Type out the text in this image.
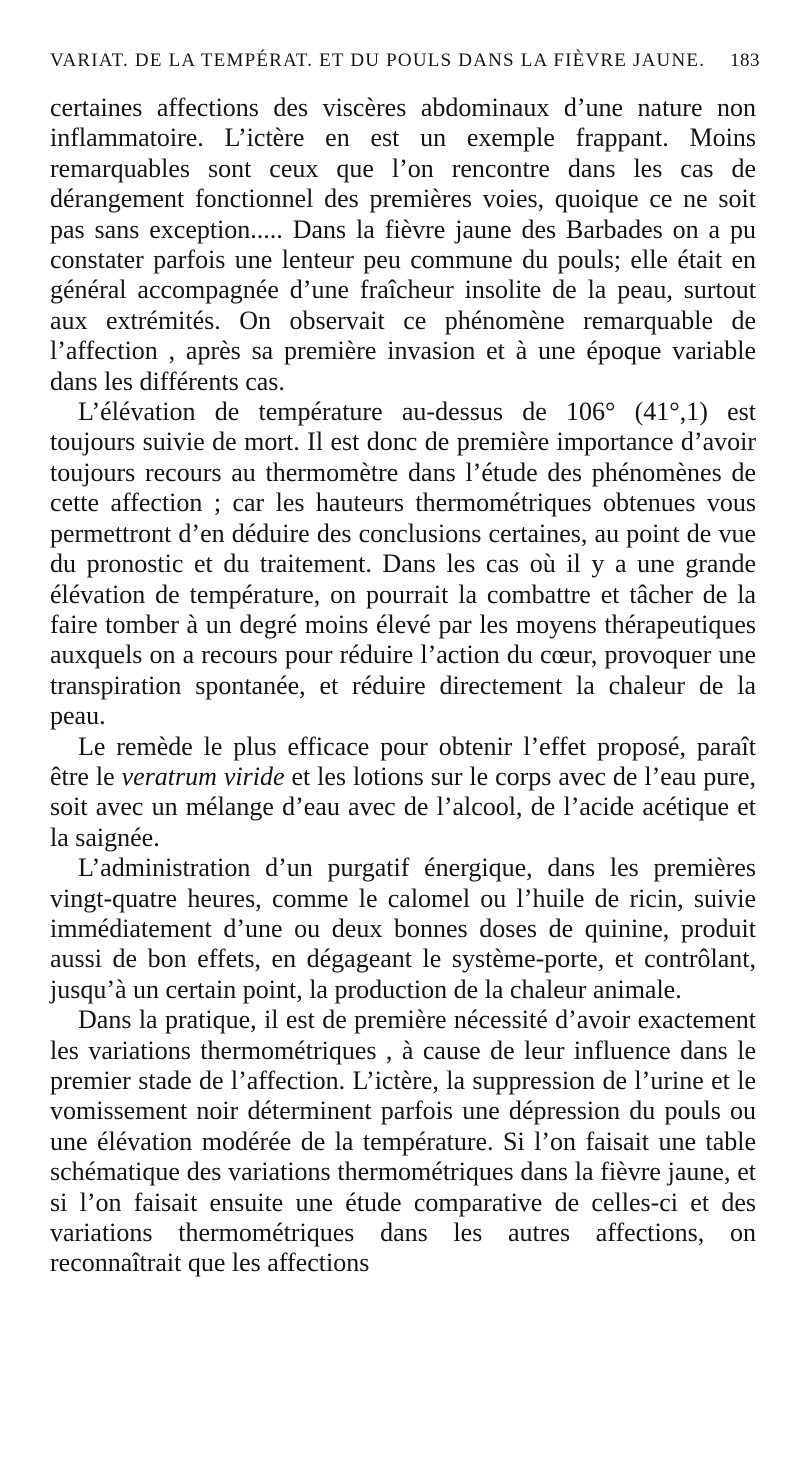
VARIAT. DE LA TEMPÉRAT. ET DU POULS DANS LA FIÈVRE JAUNE. 183

certaines affections des viscères abdominaux d’une nature non inflammatoire. L’ictère en est un exemple frappant. Moins remarquables sont ceux que l’on rencontre dans les cas de dérangement fonctionnel des premières voies, quoique ce ne soit pas sans exception..... Dans la fièvre jaune des Barbades on a pu constater parfois une lenteur peu commune du pouls; elle était en général accompagnée d’une fraîcheur insolite de la peau, surtout aux extrémités. On observait ce phénomène remarquable de l’affection , après sa première invasion et à une époque variable dans les différents cas.

L’élévation de température au-dessus de 106° (41°,1) est toujours suivie de mort. Il est donc de première importance d’avoir toujours recours au thermomètre dans l’étude des phénomènes de cette affection ; car les hauteurs thermométriques obtenues vous permettront d’en déduire des conclusions certaines, au point de vue du pronostic et du traitement. Dans les cas où il y a une grande élévation de température, on pourrait la combattre et tâcher de la faire tomber à un degré moins élevé par les moyens thérapeutiques auxquels on a recours pour réduire l’action du cœur, provoquer une transpiration spontanée, et réduire directement la chaleur de la peau.

Le remède le plus efficace pour obtenir l’effet proposé, paraît être le veratrum viride et les lotions sur le corps avec de l’eau pure, soit avec un mélange d’eau avec de l’alcool, de l’acide acétique et la saignée.

L’administration d’un purgatif énergique, dans les premières vingt-quatre heures, comme le calomel ou l’huile de ricin, suivie immédiatement d’une ou deux bonnes doses de quinine, produit aussi de bon effets, en dégageant le système-porte, et contrôlant, jusqu’à un certain point, la production de la chaleur animale.

Dans la pratique, il est de première nécessité d’avoir exactement les variations thermométriques , à cause de leur influence dans le premier stade de l’affection. L’ictère, la suppression de l’urine et le vomissement noir déterminent parfois une dépression du pouls ou une élévation modérée de la température. Si l’on faisait une table schématique des variations thermométriques dans la fièvre jaune, et si l’on faisait ensuite une étude comparative de celles-ci et des variations thermométriques dans les autres affections, on reconnaîtrait que les affections
